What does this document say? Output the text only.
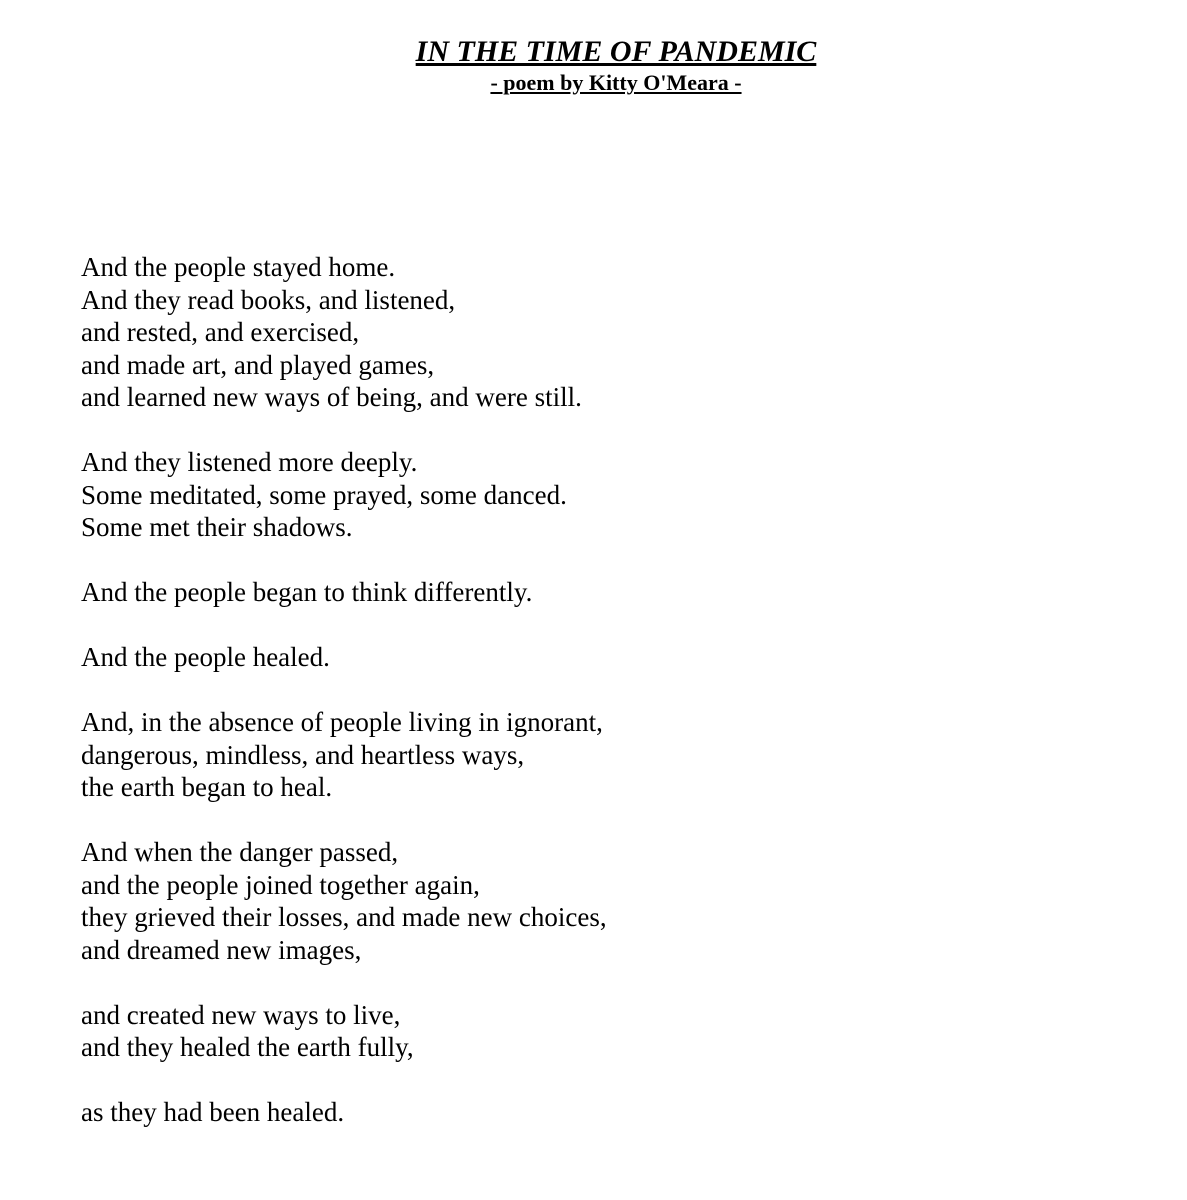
IN THE TIME OF PANDEMIC
- poem by Kitty O'Meara -
And the people stayed home.
And they read books, and listened,
and rested, and exercised,
and made art, and played games,
and learned new ways of being, and were still.
And they listened more deeply.
Some meditated, some prayed, some danced.
Some met their shadows.
And the people began to think differently.
And the people healed.
And, in the absence of people living in ignorant,
dangerous, mindless, and heartless ways,
the earth began to heal.
And when the danger passed,
and the people joined together again,
they grieved their losses, and made new choices,
and dreamed new images,
and created new ways to live,
and they healed the earth fully,
as they had been healed.
